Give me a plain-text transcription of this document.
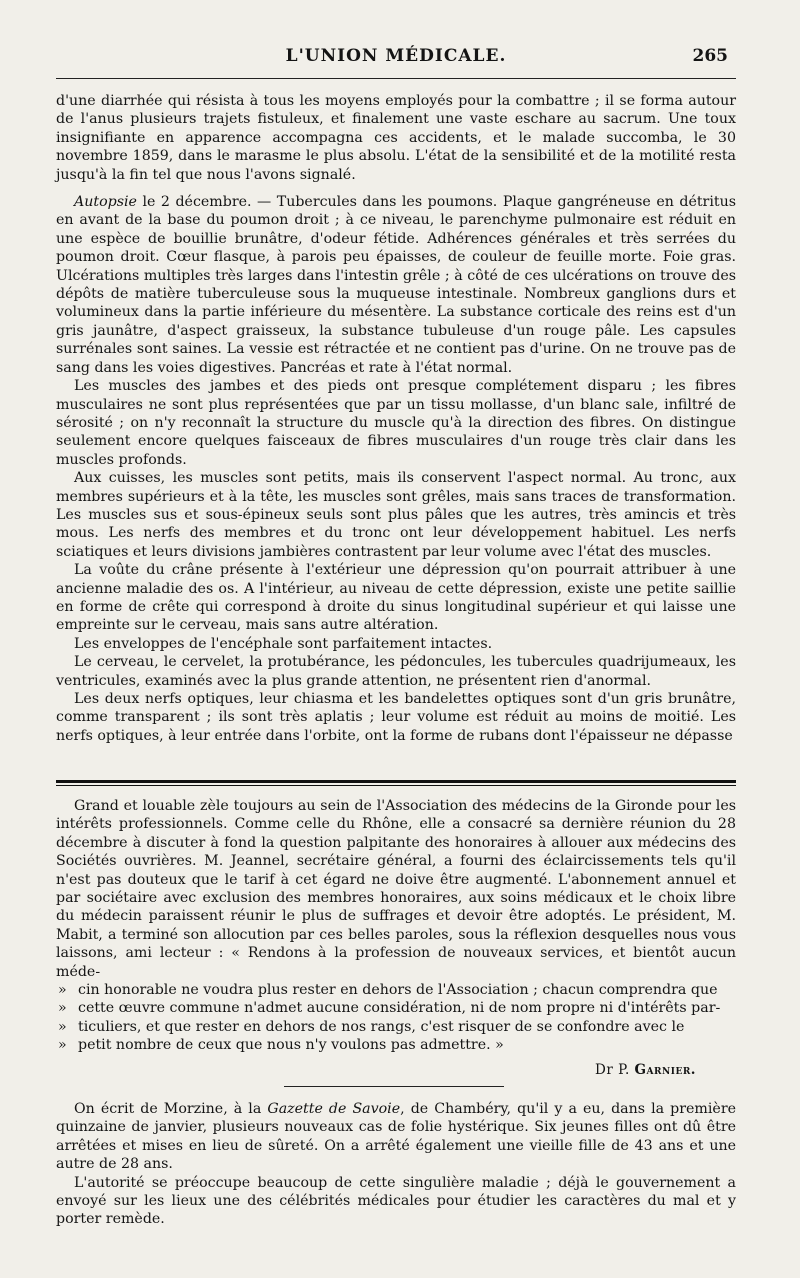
L'UNION MÉDICALE.	265

d'une diarrhée qui résista à tous les moyens employés pour la combattre ; il se forma autour de l'anus plusieurs trajets fistuleux, et finalement une vaste eschare au sacrum. Une toux insignifiante en apparence accompagna ces accidents, et le malade succomba, le 30 novembre 1859, dans le marasme le plus absolu. L'état de la sensibilité et de la motilité resta jusqu'à la fin tel que nous l'avons signalé.

Autopsie le 2 décembre. — Tubercules dans les poumons. Plaque gangréneuse en détritus en avant de la base du poumon droit ; à ce niveau, le parenchyme pulmonaire est réduit en une espèce de bouillie brunâtre, d'odeur fétide. Adhérences générales et très serrées du poumon droit. Cœur flasque, à parois peu épaisses, de couleur de feuille morte. Foie gras. Ulcérations multiples très larges dans l'intestin grêle ; à côté de ces ulcérations on trouve des dépôts de matière tuberculeuse sous la muqueuse intestinale. Nombreux ganglions durs et volumineux dans la partie inférieure du mésentère. La substance corticale des reins est d'un gris jaunâtre, d'aspect graisseux, la substance tubuleuse d'un rouge pâle. Les capsules surrénales sont saines. La vessie est rétractée et ne contient pas d'urine. On ne trouve pas de sang dans les voies digestives. Pancréas et rate à l'état normal.

Les muscles des jambes et des pieds ont presque complétement disparu ; les fibres musculaires ne sont plus représentées que par un tissu mollasse, d'un blanc sale, infiltré de sérosité ; on n'y reconnaît la structure du muscle qu'à la direction des fibres. On distingue seulement encore quelques faisceaux de fibres musculaires d'un rouge très clair dans les muscles profonds.

Aux cuisses, les muscles sont petits, mais ils conservent l'aspect normal. Au tronc, aux membres supérieurs et à la tête, les muscles sont grêles, mais sans traces de transformation. Les muscles sus et sous-épineux seuls sont plus pâles que les autres, très amincis et très mous. Les nerfs des membres et du tronc ont leur développement habituel. Les nerfs sciatiques et leurs divisions jambières contrastent par leur volume avec l'état des muscles.

La voûte du crâne présente à l'extérieur une dépression qu'on pourrait attribuer à une ancienne maladie des os. A l'intérieur, au niveau de cette dépression, existe une petite saillie en forme de crête qui correspond à droite du sinus longitudinal supérieur et qui laisse une empreinte sur le cerveau, mais sans autre altération.

Les enveloppes de l'encéphale sont parfaitement intactes.

Le cerveau, le cervelet, la protubérance, les pédoncules, les tubercules quadrijumeaux, les ventricules, examinés avec la plus grande attention, ne présentent rien d'anormal.

Les deux nerfs optiques, leur chiasma et les bandelettes optiques sont d'un gris brunâtre, comme transparent ; ils sont très aplatis ; leur volume est réduit au moins de moitié. Les nerfs optiques, à leur entrée dans l'orbite, ont la forme de rubans dont l'épaisseur ne dépasse

Grand et louable zèle toujours au sein de l'Association des médecins de la Gironde pour les intérêts professionnels. Comme celle du Rhône, elle a consacré sa dernière réunion du 28 décembre à discuter à fond la question palpitante des honoraires à allouer aux médecins des Sociétés ouvrières. M. Jeannel, secrétaire général, a fourni des éclaircissements tels qu'il n'est pas douteux que le tarif à cet égard ne doive être augmenté. L'abonnement annuel et par sociétaire avec exclusion des membres honoraires, aux soins médicaux et le choix libre du médecin paraissent réunir le plus de suffrages et devoir être adoptés. Le président, M. Mabit, a terminé son allocution par ces belles paroles, sous la réflexion desquelles nous vous laissons, ami lecteur : « Rendons à la profession de nouveaux services, et bientôt aucun méde-

» cin honorable ne voudra plus rester en dehors de l'Association ; chacun comprendra que

» cette œuvre commune n'admet aucune considération, ni de nom propre ni d'intérêts par-

» ticuliers, et que rester en dehors de nos rangs, c'est risquer de se confondre avec le

» petit nombre de ceux que nous n'y voulons pas admettre. »

Dr P. Garnier.

On écrit de Morzine, à la Gazette de Savoie, de Chambéry, qu'il y a eu, dans la première quinzaine de janvier, plusieurs nouveaux cas de folie hystérique. Six jeunes filles ont dû être arrêtées et mises en lieu de sûreté. On a arrêté également une vieille fille de 43 ans et une autre de 28 ans.

L'autorité se préoccupe beaucoup de cette singulière maladie ; déjà le gouvernement a envoyé sur les lieux une des célébrités médicales pour étudier les caractères du mal et y porter remède.
